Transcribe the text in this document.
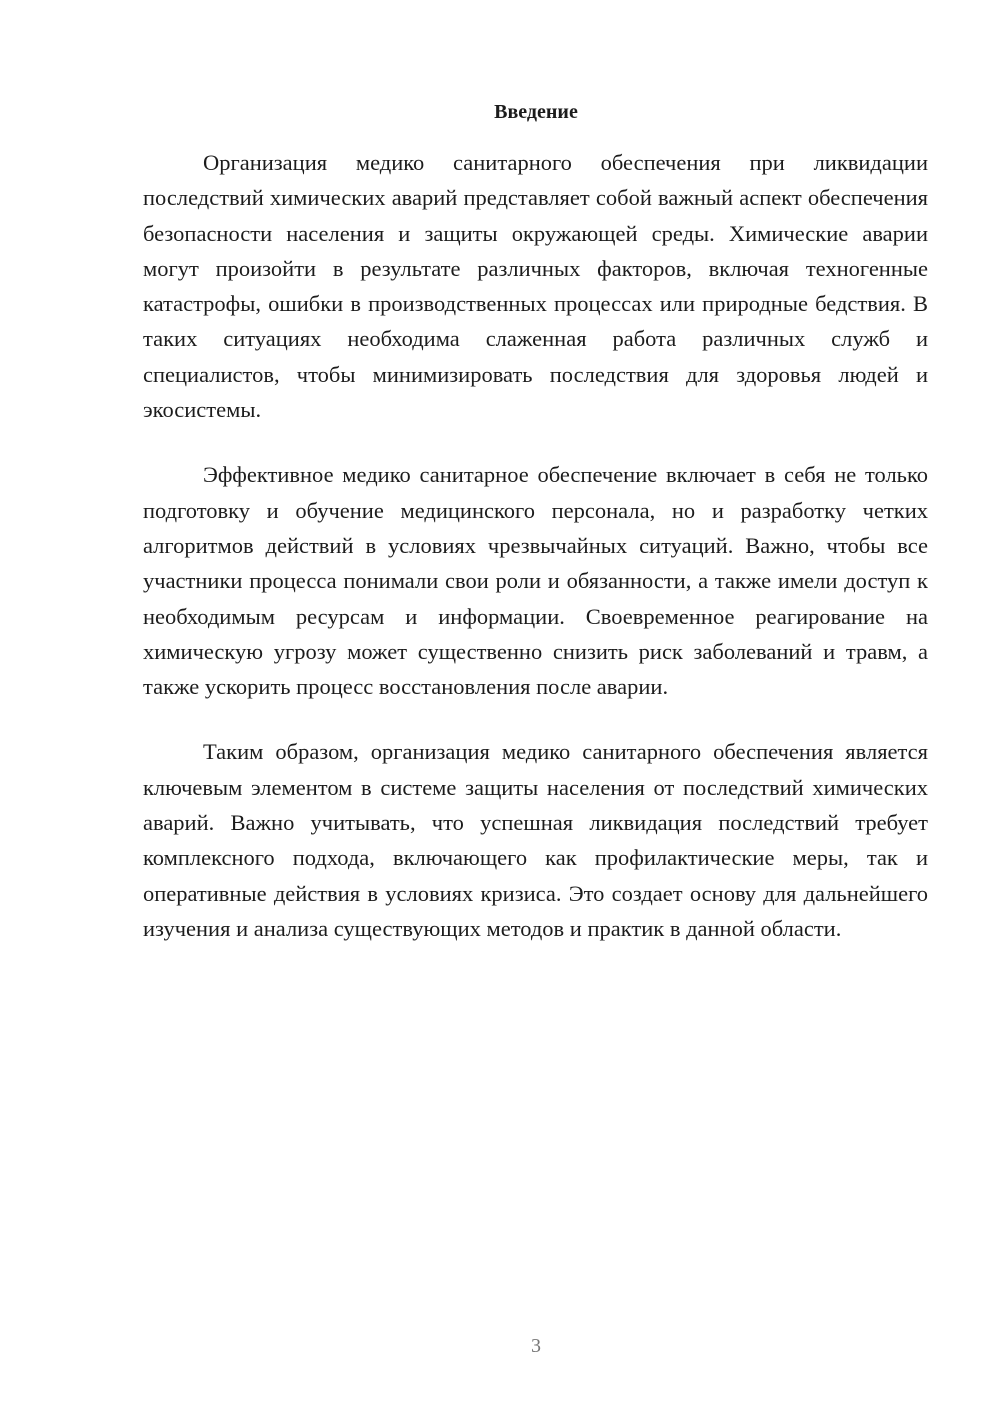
Введение

Организация медико санитарного обеспечения при ликвидации последствий химических аварий представляет собой важный аспект обеспечения безопасности населения и защиты окружающей среды. Химические аварии могут произойти в результате различных факторов, включая техногенные катастрофы, ошибки в производственных процессах или природные бедствия. В таких ситуациях необходима слаженная работа различных служб и специалистов, чтобы минимизировать последствия для здоровья людей и экосистемы.

Эффективное медико санитарное обеспечение включает в себя не только подготовку и обучение медицинского персонала, но и разработку четких алгоритмов действий в условиях чрезвычайных ситуаций. Важно, чтобы все участники процесса понимали свои роли и обязанности, а также имели доступ к необходимым ресурсам и информации. Своевременное реагирование на химическую угрозу может существенно снизить риск заболеваний и травм, а также ускорить процесс восстановления после аварии.

Таким образом, организация медико санитарного обеспечения является ключевым элементом в системе защиты населения от последствий химических аварий. Важно учитывать, что успешная ликвидация последствий требует комплексного подхода, включающего как профилактические меры, так и оперативные действия в условиях кризиса. Это создает основу для дальнейшего изучения и анализа существующих методов и практик в данной области.

3
